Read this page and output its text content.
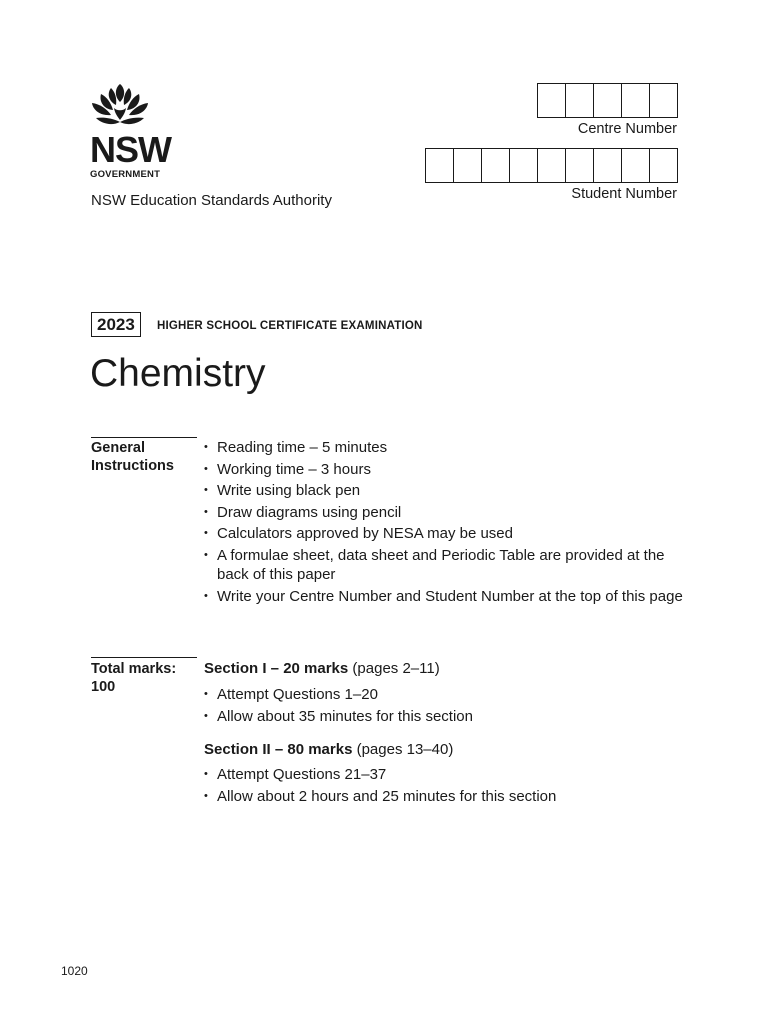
NSW
GOVERNMENT
NSW Education Standards Authority
Centre Number
Student Number
2023	HIGHER SCHOOL CERTIFICATE EXAMINATION
Chemistry
General Instructions
• Reading time – 5 minutes
• Working time – 3 hours
• Write using black pen
• Draw diagrams using pencil
• Calculators approved by NESA may be used
• A formulae sheet, data sheet and Periodic Table are provided at the back of this paper
• Write your Centre Number and Student Number at the top of this page
Total marks: 100
Section I – 20 marks (pages 2–11)
• Attempt Questions 1–20
• Allow about 35 minutes for this section
Section II – 80 marks (pages 13–40)
• Attempt Questions 21–37
• Allow about 2 hours and 25 minutes for this section
1020
